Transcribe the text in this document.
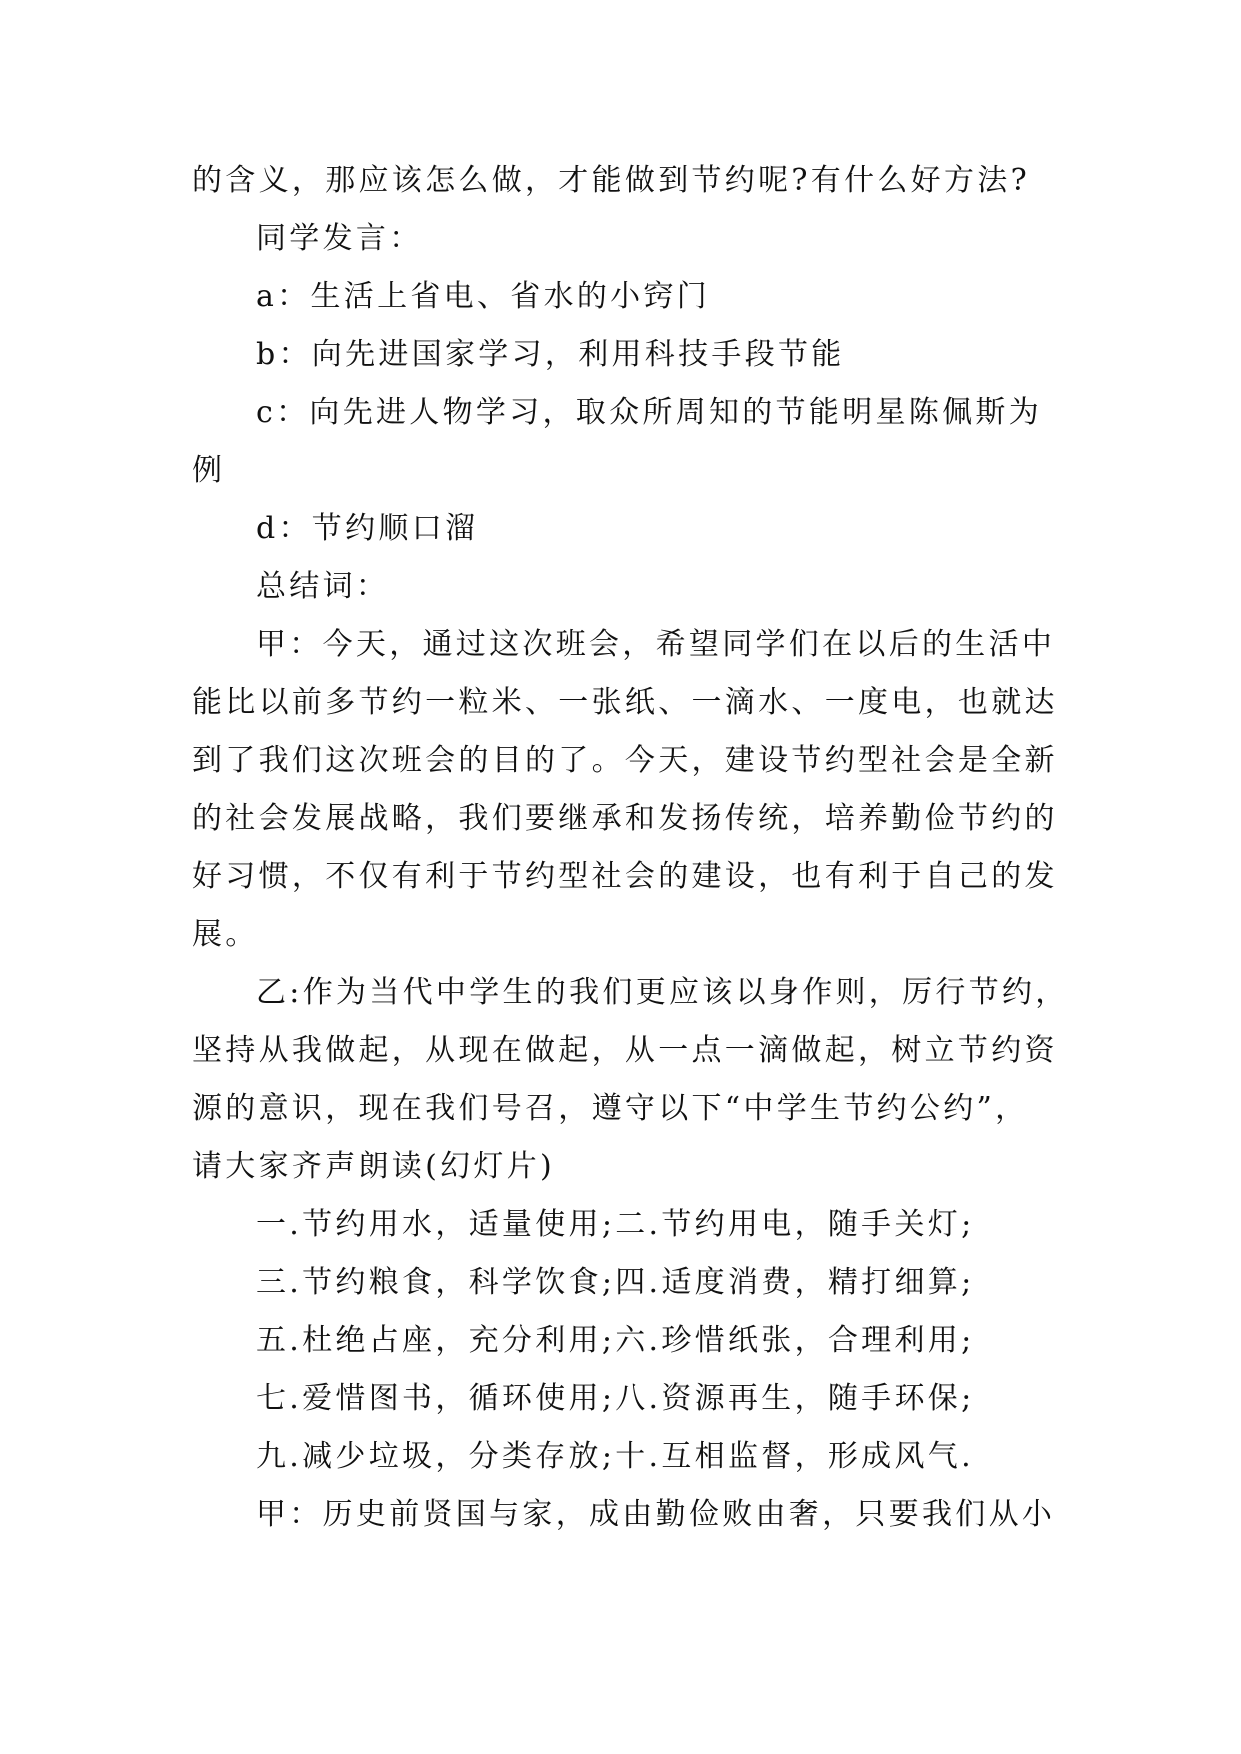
的含义，那应该怎么做，才能做到节约呢?有什么好方法?
同学发言：
a：生活上省电、省水的小窍门
b：向先进国家学习，利用科技手段节能
c：向先进人物学习，取众所周知的节能明星陈佩斯为
例
d：节约顺口溜
总结词：
甲：今天，通过这次班会，希望同学们在以后的生活中
能比以前多节约一粒米、一张纸、一滴水、一度电，也就达
到了我们这次班会的目的了。今天，建设节约型社会是全新
的社会发展战略，我们要继承和发扬传统，培养勤俭节约的
好习惯，不仅有利于节约型社会的建设，也有利于自己的发
展。
乙:作为当代中学生的我们更应该以身作则，厉行节约，
坚持从我做起，从现在做起，从一点一滴做起，树立节约资
源的意识，现在我们号召，遵守以下“中学生节约公约”，
请大家齐声朗读(幻灯片)
一.节约用水，适量使用;二.节约用电，随手关灯;
三.节约粮食，科学饮食;四.适度消费，精打细算;
五.杜绝占座，充分利用;六.珍惜纸张，合理利用;
七.爱惜图书，循环使用;八.资源再生，随手环保;
九.减少垃圾，分类存放;十.互相监督，形成风气.
甲：历史前贤国与家，成由勤俭败由奢，只要我们从小
